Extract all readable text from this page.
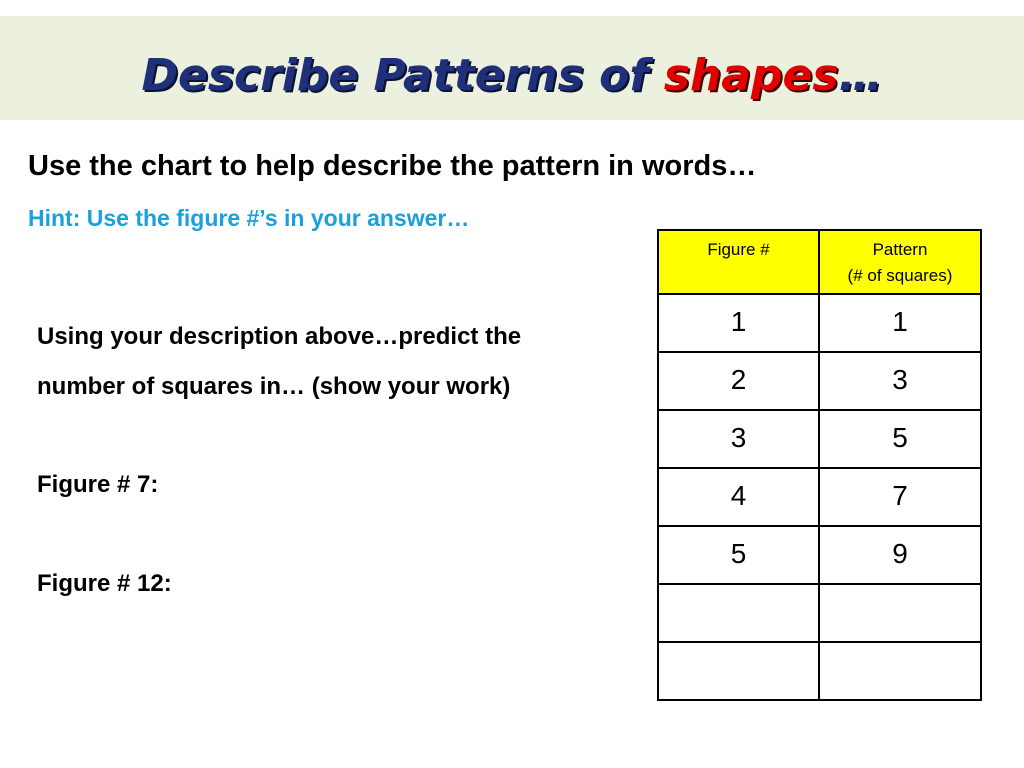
Describe Patterns of shapes…
Use the chart to help describe the pattern in words…
Hint: Use the figure #’s in your answer…
Using your description above…predict the
number of squares in… (show your work)
Figure # 7:
Figure # 12:
Figure #	Pattern
(# of squares)

1	1
2	3
3	5
4	7
5	9
